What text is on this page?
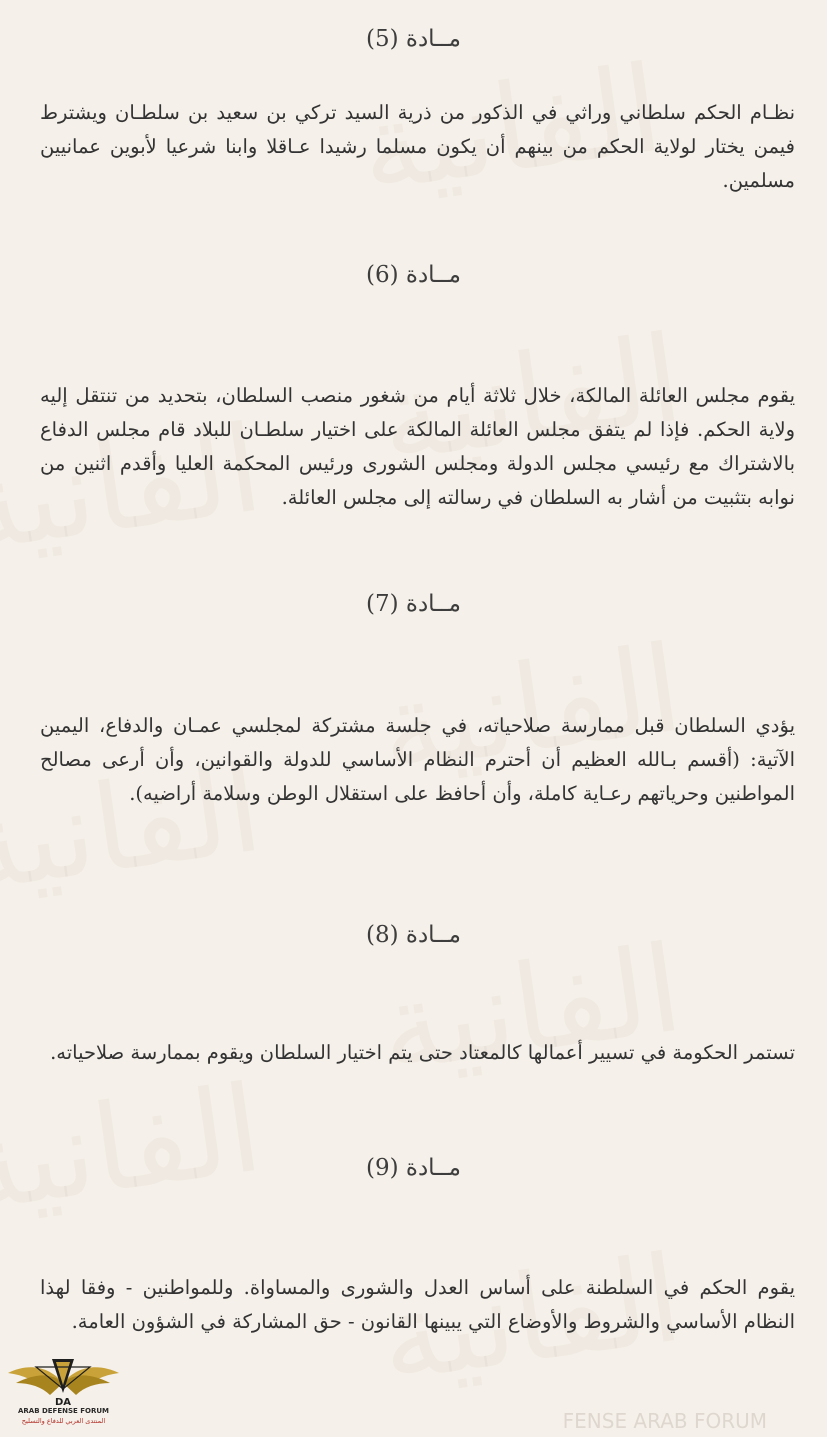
مــادة (5)
نظـام الحكم سلطاني وراثي في الذكور من ذرية السيد تركي بن سعيد بن سلطـان ويشترط فيمن يختار لولاية الحكم من بينهم أن يكون مسلما رشيدا عـاقلا وابنا شرعيا لأبوين عمانيين مسلمين.
مــادة (6)
يقوم مجلس العائلة المالكة، خلال ثلاثة أيام من شغور منصب السلطان، بتحديد من تنتقل إليه ولاية الحكم. فإذا لم يتفق مجلس العائلة المالكة على اختيار سلطـان للبلاد قام مجلس الدفاع بالاشتراك مع رئيسي مجلس الدولة ومجلس الشورى ورئيس المحكمة العليا وأقدم اثنين من نوابه بتثبيت من أشار به السلطان في رسالته إلى مجلس العائلة.
مــادة (7)
يؤدي السلطان قبل ممارسة صلاحياته، في جلسة مشتركة لمجلسي عمـان والدفاع، اليمين الآتية: (أقسم بـالله العظيم أن أحترم النظام الأساسي للدولة والقوانين، وأن أرعى مصالح المواطنين وحرياتهم رعـاية كاملة، وأن أحافظ على استقلال الوطن وسلامة أراضيه).
مــادة (8)
تستمر الحكومة في تسيير أعمالها كالمعتاد حتى يتم اختيار السلطان ويقوم بممارسة صلاحياته.
مــادة (9)
يقوم الحكم في السلطنة على أساس العدل والشورى والمساواة. وللمواطنين - وفقا لهذا النظام الأساسي والشروط والأوضاع التي يبينها القانون - حق المشاركة في الشؤون العامة.
DA
ARAB DEFENSE FORUM
المنتدى العربي للدفاع والتسليح	FENSE ARAB FORUM
